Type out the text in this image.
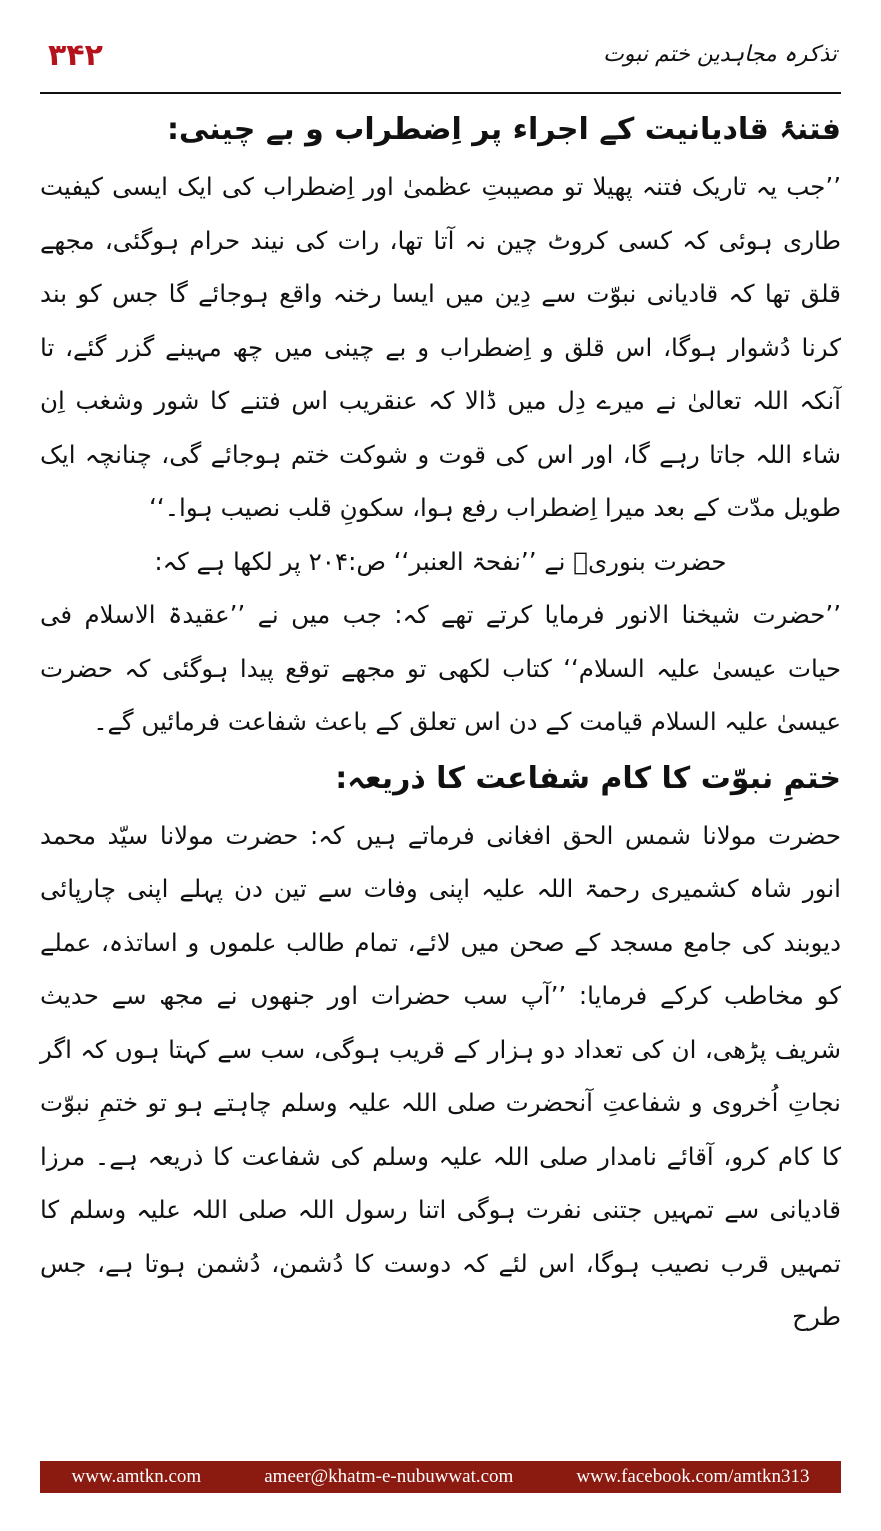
۳۴۲	تذکرہ مجاہدین ختم نبوت
فتنۂ قادیانیت کے اجراء پر اِضطراب و بے چینی:

’’جب یہ تاریک فتنہ پھیلا تو مصیبتِ عظمیٰ اور اِضطراب کی ایک ایسی کیفیت طاری ہوئی کہ کسی کروٹ چین نہ آتا تھا، رات کی نیند حرام ہوگئی، مجھے قلق تھا کہ قادیانی نبوّت سے دِین میں ایسا رخنہ واقع ہوجائے گا جس کو بند کرنا دُشوار ہوگا، اس قلق و اِضطراب و بے چینی میں چھ مہینے گزر گئے، تا آنکہ اللہ تعالیٰ نے میرے دِل میں ڈالا کہ عنقریب اس فتنے کا شور وشغب اِن شاء اللہ جاتا رہے گا، اور اس کی قوت و شوکت ختم ہوجائے گی، چنانچہ ایک طویل مدّت کے بعد میرا اِضطراب رفع ہوا، سکونِ قلب نصیب ہوا۔‘‘

حضرت بنوریؒ نے ’’نفحۃ العنبر‘‘ ص:۲۰۴ پر لکھا ہے کہ:

’’حضرت شیخنا الانور فرمایا کرتے تھے کہ: جب میں نے ’’عقیدۃ الاسلام فی حیات عیسیٰ علیہ السلام‘‘ کتاب لکھی تو مجھے توقع پیدا ہوگئی کہ حضرت عیسیٰ علیہ السلام قیامت کے دن اس تعلق کے باعث شفاعت فرمائیں گے۔

ختمِ نبوّت کا کام شفاعت کا ذریعہ:

حضرت مولانا شمس الحق افغانی فرماتے ہیں کہ: حضرت مولانا سیّد محمد انور شاہ کشمیری رحمۃ اللہ علیہ اپنی وفات سے تین دن پہلے اپنی چارپائی دیوبند کی جامع مسجد کے صحن میں لائے، تمام طالب علموں و اساتذہ، عملے کو مخاطب کرکے فرمایا: ’’آپ سب حضرات اور جنھوں نے مجھ سے حدیث شریف پڑھی، ان کی تعداد دو ہزار کے قریب ہوگی، سب سے کہتا ہوں کہ اگر نجاتِ اُخروی و شفاعتِ آنحضرت صلی اللہ علیہ وسلم چاہتے ہو تو ختمِ نبوّت کا کام کرو، آقائے نامدار صلی اللہ علیہ وسلم کی شفاعت کا ذریعہ ہے۔ مرزا قادیانی سے تمہیں جتنی نفرت ہوگی اتنا رسول اللہ صلی اللہ علیہ وسلم کا تمہیں قرب نصیب ہوگا، اس لئے کہ دوست کا دُشمن، دُشمن ہوتا ہے، جس طرح

www.amtkn.com	ameer@khatm-e-nubuwwat.com	www.facebook.com/amtkn313
